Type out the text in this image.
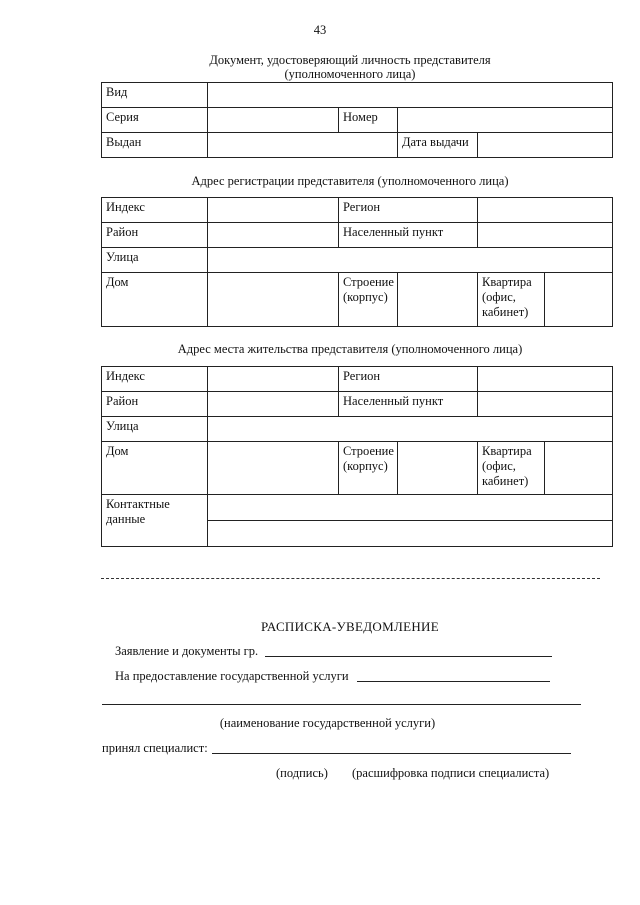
43
Документ, удостоверяющий личность представителя
(уполномоченного лица)
Вид				
Серия		Номер		
Выдан			Дата выдачи	
Адрес регистрации представителя (уполномоченного лица)
Индекс		Регион			
Район		Населенный пункт			
Улица					
Дом		Строение (корпус)		Квартира (офис, кабинет)	
Адрес места жительства представителя (уполномоченного лица)
Индекс		Регион			
Район		Населенный пункт			
Улица					
Дом		Строение (корпус)		Квартира (офис, кабинет)	
Контактные данные					

РАСПИСКА-УВЕДОМЛЕНИЕ
Заявление и документы гр.
На предоставление государственной услуги
(наименование государственной услуги)
принял специалист:
(подпись) (расшифровка подписи специалиста)
